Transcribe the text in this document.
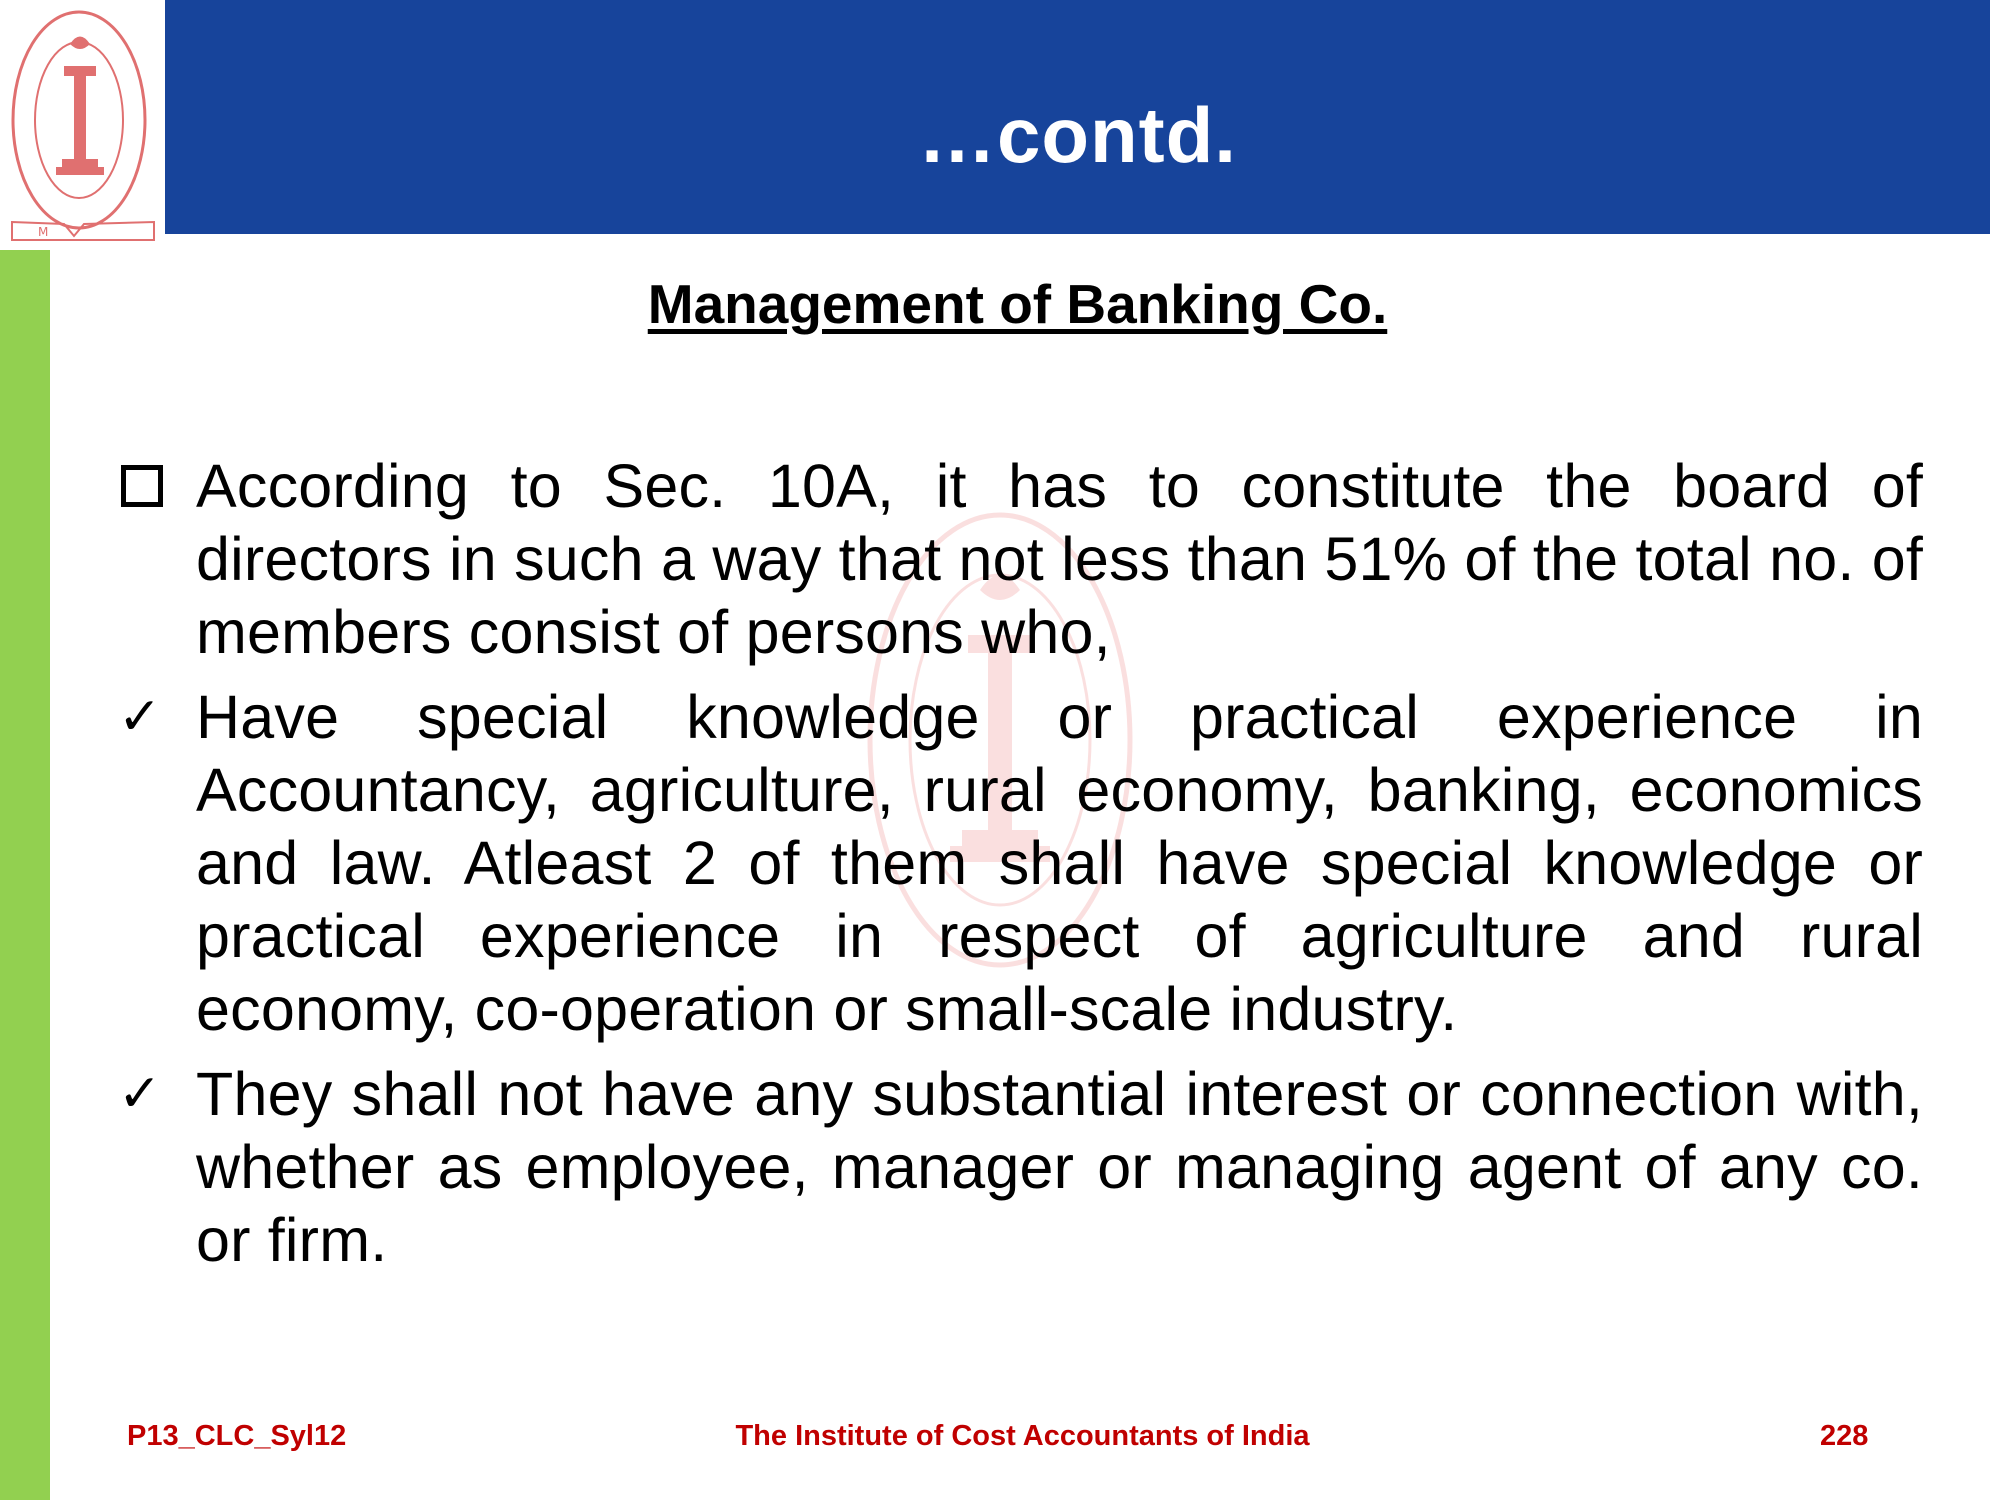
…contd.
M
Management of Banking Co.
According to Sec. 10A, it has to constitute the board of directors in such a way that not less than 51% of the total no. of members consist of persons who,
✓ Have special knowledge or practical experience in Accountancy, agriculture, rural economy, banking, economics and law. Atleast 2 of them shall have special knowledge or practical experience in respect of agriculture and rural economy, co-operation or small-scale industry.
✓ They shall not have any substantial interest or connection with, whether as employee, manager or managing agent of any co. or firm.
P13_CLC_Syl12	The Institute of Cost Accountants of India	228
